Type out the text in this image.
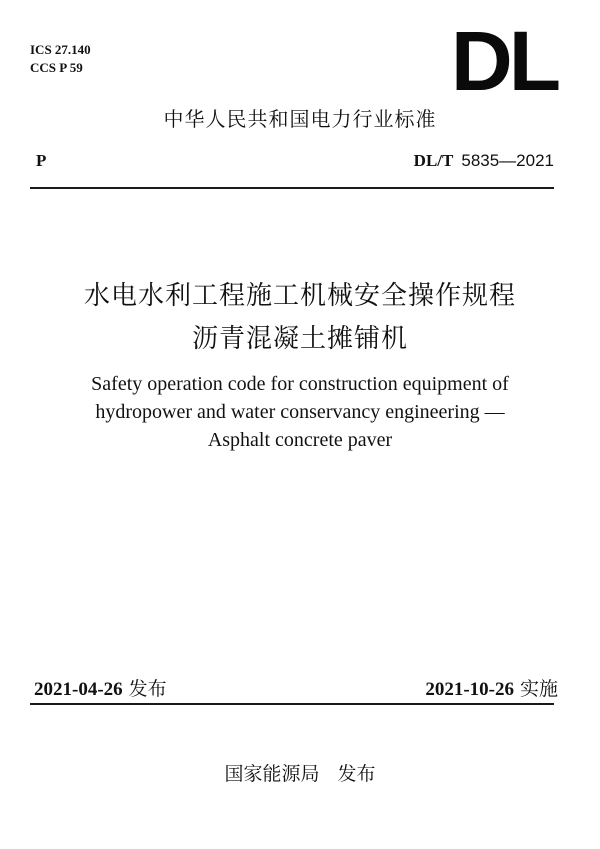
ICS 27.140
CCS P 59	DL
中华人民共和国电力行业标准
P	DL/T 5835—2021
水电水利工程施工机械安全操作规程
沥青混凝土摊铺机
Safety operation code for construction equipment of
hydropower and water conservancy engineering —
Asphalt concrete paver
2021-04-26 发布	2021-10-26 实施
国家能源局   发布
